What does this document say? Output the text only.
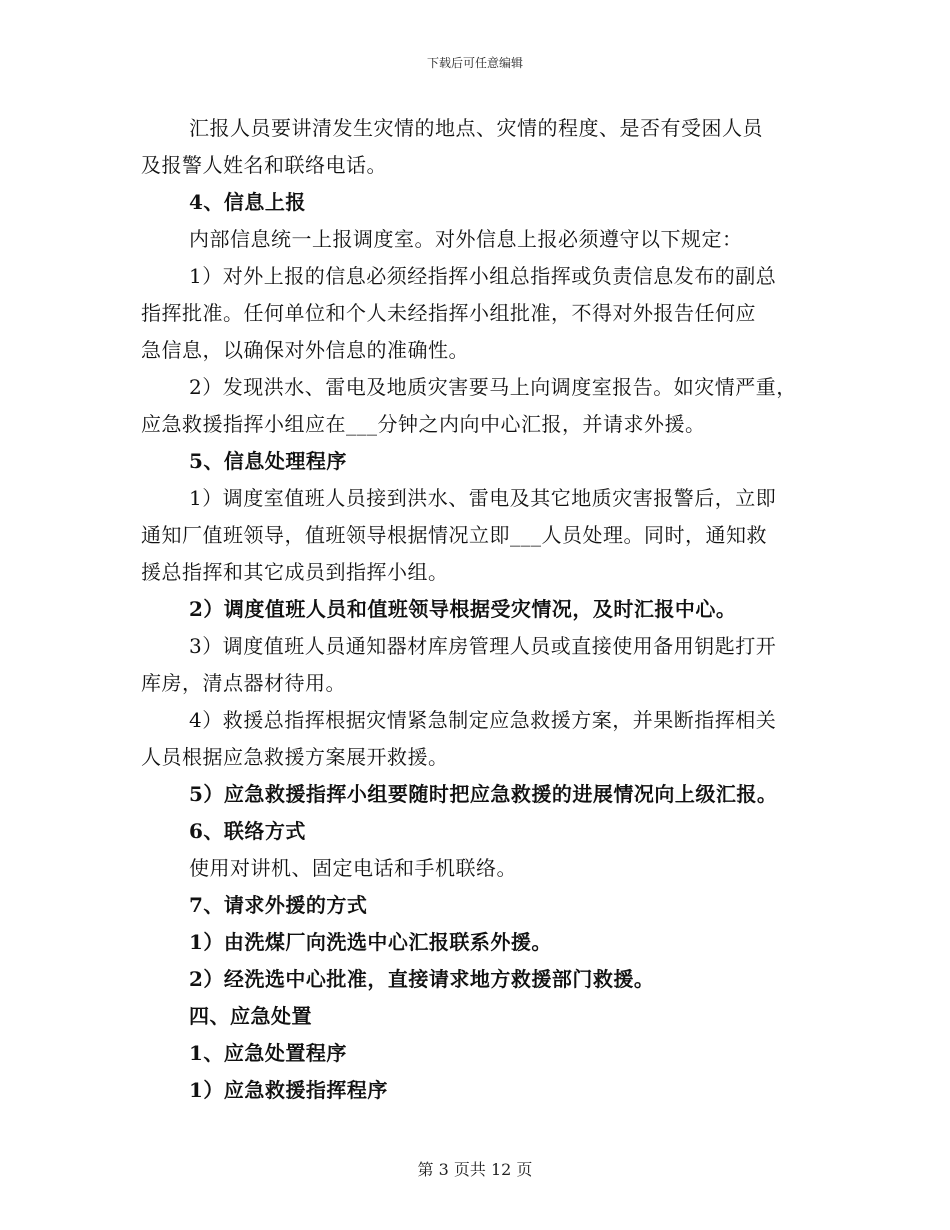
下载后可任意编辑
汇报人员要讲清发生灾情的地点、灾情的程度、是否有受困人员
及报警人姓名和联络电话。
4、信息上报
内部信息统一上报调度室。对外信息上报必须遵守以下规定：
1）对外上报的信息必须经指挥小组总指挥或负责信息发布的副总
指挥批准。任何单位和个人未经指挥小组批准，不得对外报告任何应
急信息，以确保对外信息的准确性。
2）发现洪水、雷电及地质灾害要马上向调度室报告。如灾情严重，
应急救援指挥小组应在___分钟之内向中心汇报，并请求外援。
5、信息处理程序
1）调度室值班人员接到洪水、雷电及其它地质灾害报警后，立即
通知厂值班领导，值班领导根据情况立即___人员处理。同时，通知救
援总指挥和其它成员到指挥小组。
2）调度值班人员和值班领导根据受灾情况，及时汇报中心。
3）调度值班人员通知器材库房管理人员或直接使用备用钥匙打开
库房，清点器材待用。
4）救援总指挥根据灾情紧急制定应急救援方案，并果断指挥相关
人员根据应急救援方案展开救援。
5）应急救援指挥小组要随时把应急救援的进展情况向上级汇报。
6、联络方式
使用对讲机、固定电话和手机联络。
7、请求外援的方式
1）由洗煤厂向洗选中心汇报联系外援。
2）经洗选中心批准，直接请求地方救援部门救援。
四、应急处置
1、应急处置程序
1）应急救援指挥程序
第 3 页共 12 页
